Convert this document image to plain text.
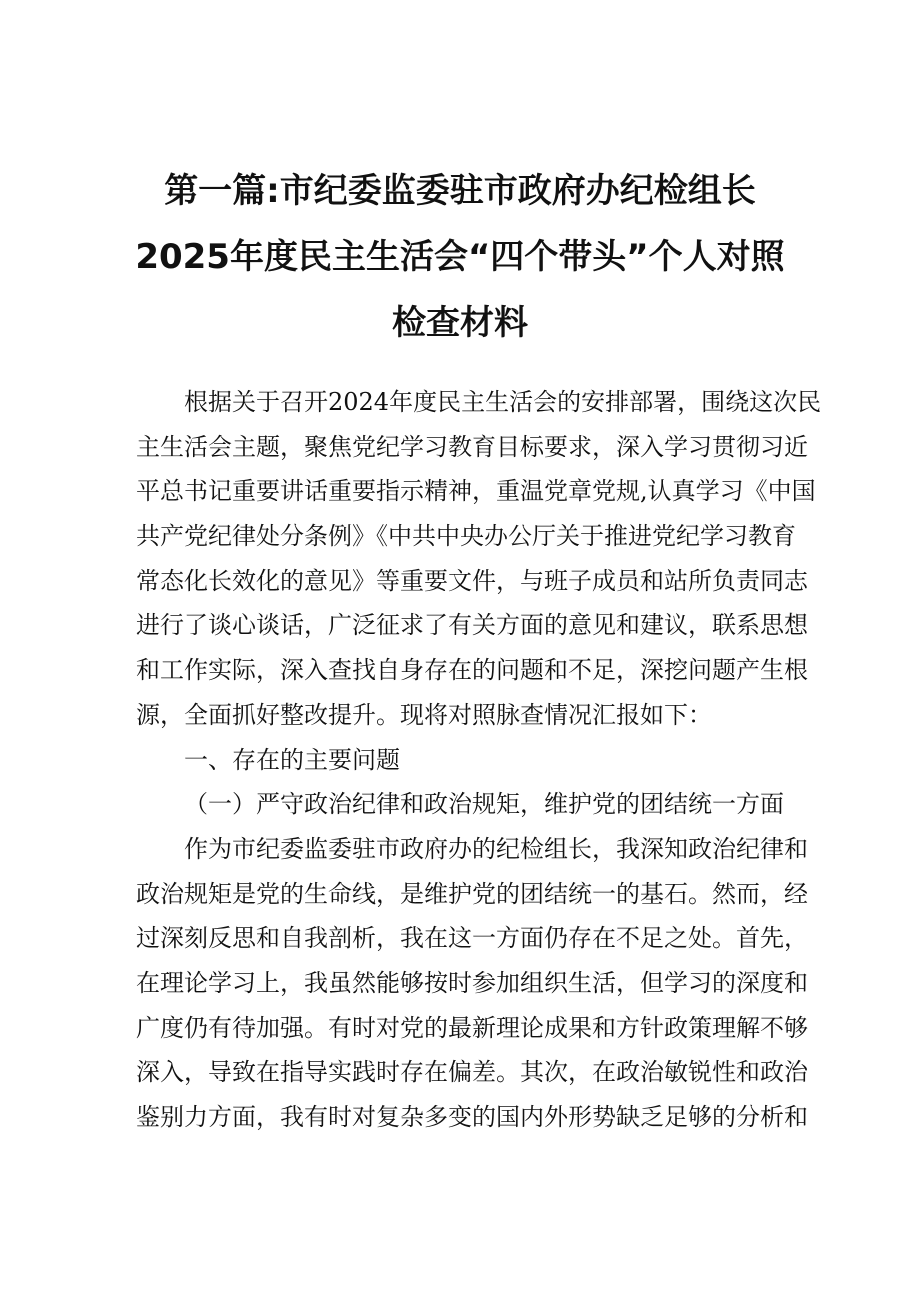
第一篇:市纪委监委驻市政府办纪检组长
2025年度民主生活会“四个带头”个人对照
检查材料
根据关于召开2024年度民主生活会的安排部署，围绕这次民
主生活会主题，聚焦党纪学习教育目标要求，深入学习贯彻习近
平总书记重要讲话重要指示精神，重温党章党规,认真学习《中国
共产党纪律处分条例》《中共中央办公厅关于推进党纪学习教育
常态化长效化的意见》等重要文件，与班子成员和站所负责同志
进行了谈心谈话，广泛征求了有关方面的意见和建议，联系思想
和工作实际，深入查找自身存在的问题和不足，深挖问题产生根
源，全面抓好整改提升。现将对照脉查情况汇报如下：
一、存在的主要问题
（一）严守政治纪律和政治规矩，维护党的团结统一方面
作为市纪委监委驻市政府办的纪检组长，我深知政治纪律和
政治规矩是党的生命线，是维护党的团结统一的基石。然而，经
过深刻反思和自我剖析，我在这一方面仍存在不足之处。首先，
在理论学习上，我虽然能够按时参加组织生活，但学习的深度和
广度仍有待加强。有时对党的最新理论成果和方针政策理解不够
深入，导致在指导实践时存在偏差。其次，在政治敏锐性和政治
鉴别力方面，我有时对复杂多变的国内外形势缺乏足够的分析和
